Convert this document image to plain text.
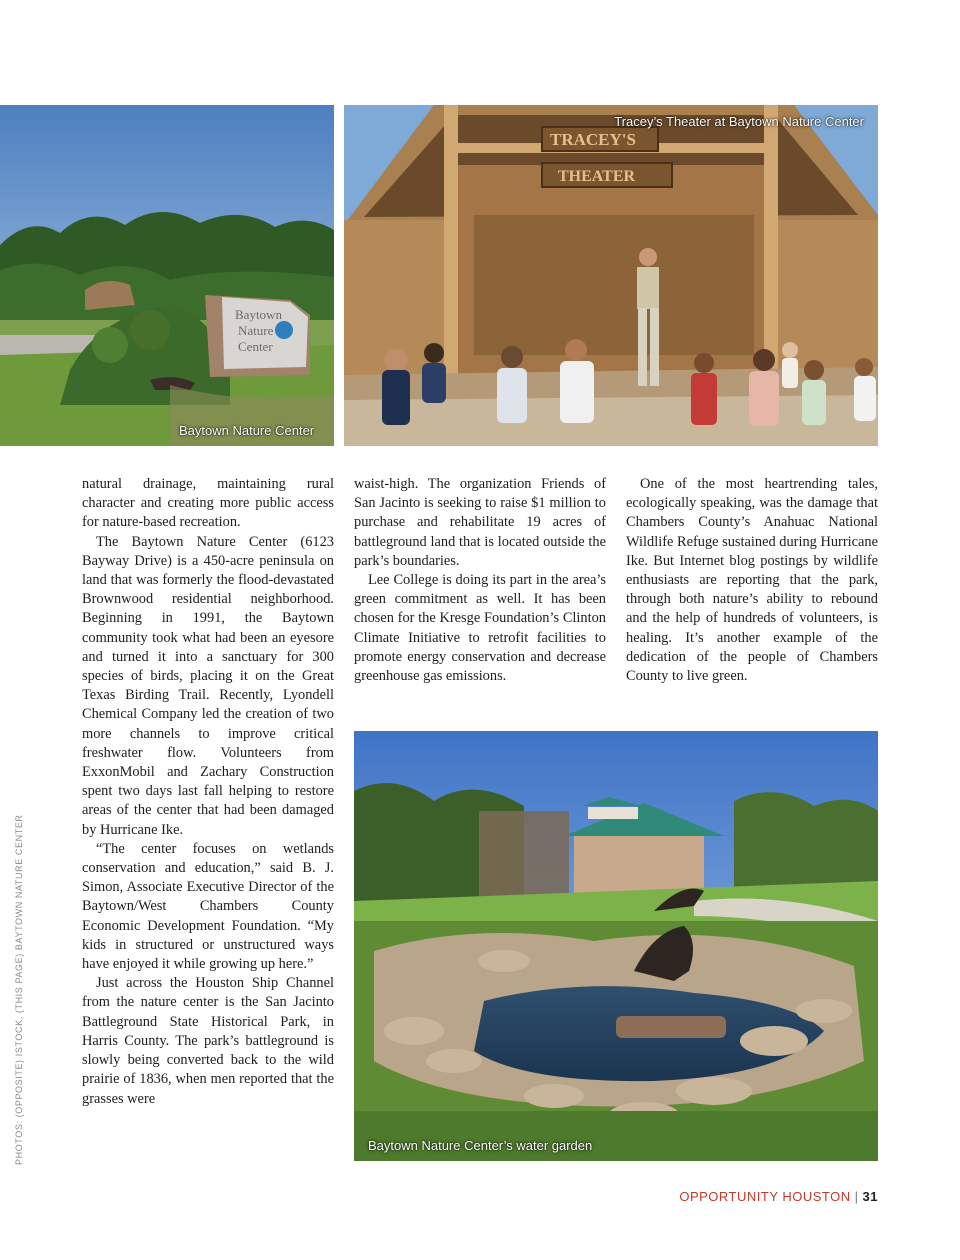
Baytown
Nature
Center
Baytown Nature Center
TRACEY'S
THEATER
Tracey’s Theater at Baytown Nature Center

natural drainage, maintaining rural character and creating more public access for nature-based recreation.

The Baytown Nature Center (6123 Bayway Drive) is a 450-acre peninsula on land that was formerly the flood-devastated Brownwood residential neighborhood. Beginning in 1991, the Baytown community took what had been an eyesore and turned it into a sanctuary for 300 species of birds, placing it on the Great Texas Birding Trail. Recently, Lyondell Chemical Company led the creation of two more channels to improve critical freshwater flow. Volunteers from ExxonMobil and Zachary Construction spent two days last fall helping to restore areas of the center that had been damaged by Hurricane Ike.

“The center focuses on wetlands conservation and education,” said B. J. Simon, Associate Executive Director of the Baytown/West Chambers County Economic Development Foundation. “My kids in structured or unstructured ways have enjoyed it while growing up here.”

Just across the Houston Ship Channel from the nature center is the San Jacinto Battleground State Historical Park, in Harris County. The park’s battleground is slowly being converted back to the wild prairie of 1836, when men reported that the grasses were

waist-high. The organization Friends of San Jacinto is seeking to raise $1 million to purchase and rehabilitate 19 acres of battleground land that is located outside the park’s boundaries.

Lee College is doing its part in the area’s green commitment as well. It has been chosen for the Kresge Foundation’s Clinton Climate Initiative to retrofit facilities to promote energy conservation and decrease greenhouse gas emissions.

One of the most heartrending tales, ecologically speaking, was the damage that Chambers County’s Anahuac National Wildlife Refuge sustained during Hurricane Ike. But Internet blog postings by wildlife enthusiasts are reporting that the park, through both nature’s ability to rebound and the help of hundreds of volunteers, is healing. It’s another example of the dedication of the people of Chambers County to live green.

Baytown Nature Center’s water garden
PHOTOS: (OPPOSITE) ISTOCK, (THIS PAGE) BAYTOWN NATURE CENTER
OPPORTUNITY HOUSTON | 31
